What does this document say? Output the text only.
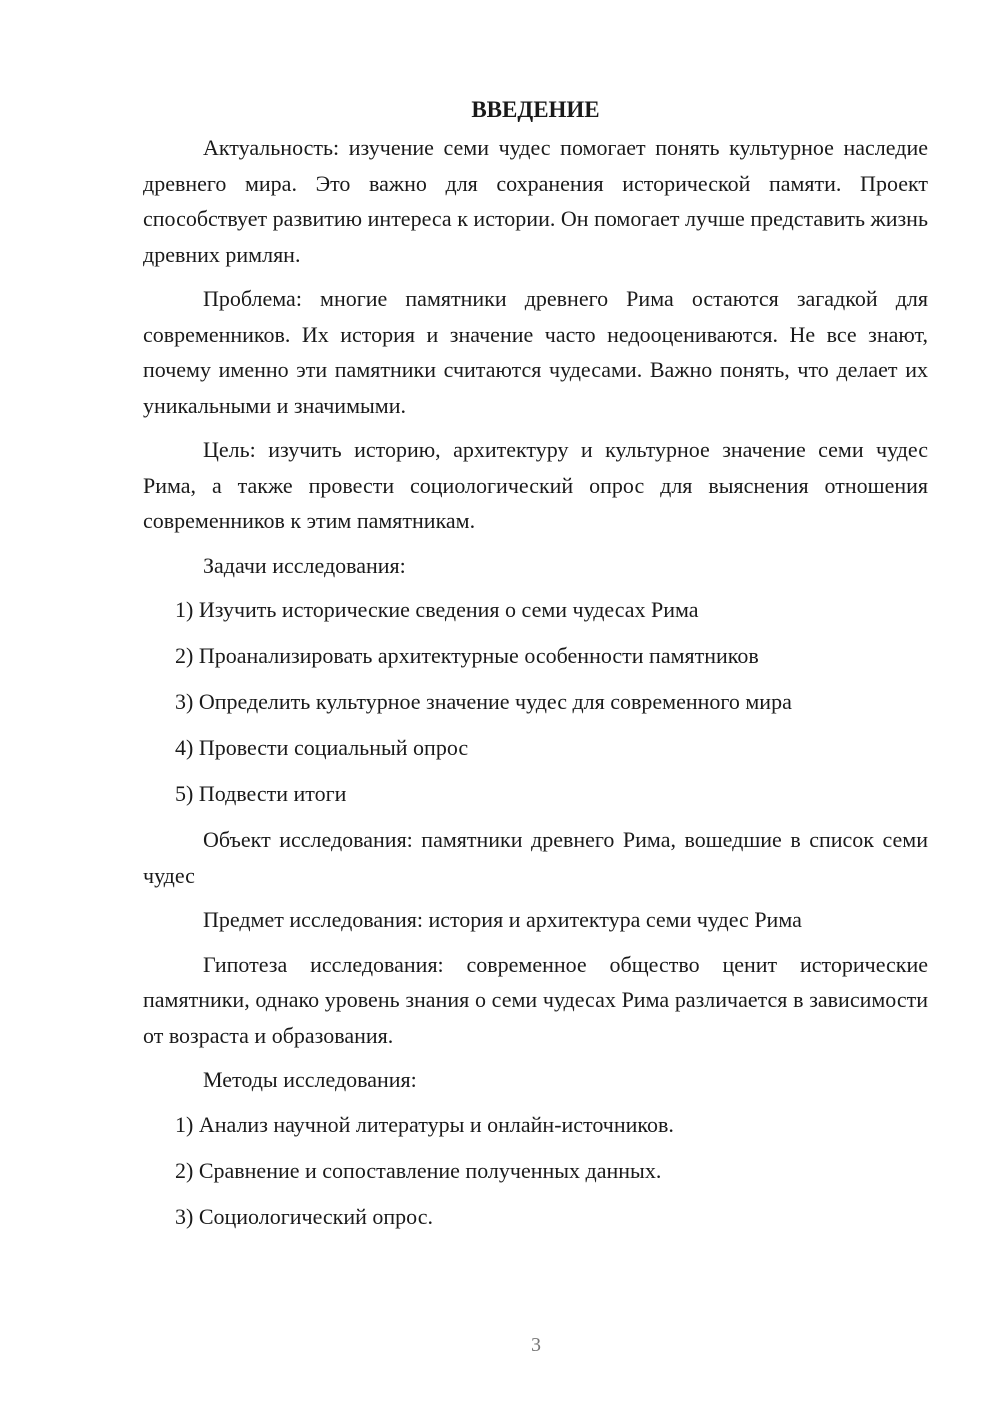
ВВЕДЕНИЕ

Актуальность: изучение семи чудес помогает понять культурное наследие древнего мира. Это важно для сохранения исторической памяти. Проект способствует развитию интереса к истории. Он помогает лучше представить жизнь древних римлян.

Проблема: многие памятники древнего Рима остаются загадкой для современников. Их история и значение часто недооцениваются. Не все знают, почему именно эти памятники считаются чудесами. Важно понять, что делает их уникальными и значимыми.

Цель: изучить историю, архитектуру и культурное значение семи чудес Рима, а также провести социологический опрос для выяснения отношения современников к этим памятникам.

Задачи исследования:
1) Изучить исторические сведения о семи чудесах Рима
2) Проанализировать архитектурные особенности памятников
3) Определить культурное значение чудес для современного мира
4) Провести социальный опрос
5) Подвести итоги

Объект исследования: памятники древнего Рима, вошедшие в список семи чудес

Предмет исследования: история и архитектура семи чудес Рима

Гипотеза исследования: современное общество ценит исторические памятники, однако уровень знания о семи чудесах Рима различается в зависимости от возраста и образования.

Методы исследования:
1) Анализ научной литературы и онлайн-источников.
2) Сравнение и сопоставление полученных данных.
3) Социологический опрос.
3
